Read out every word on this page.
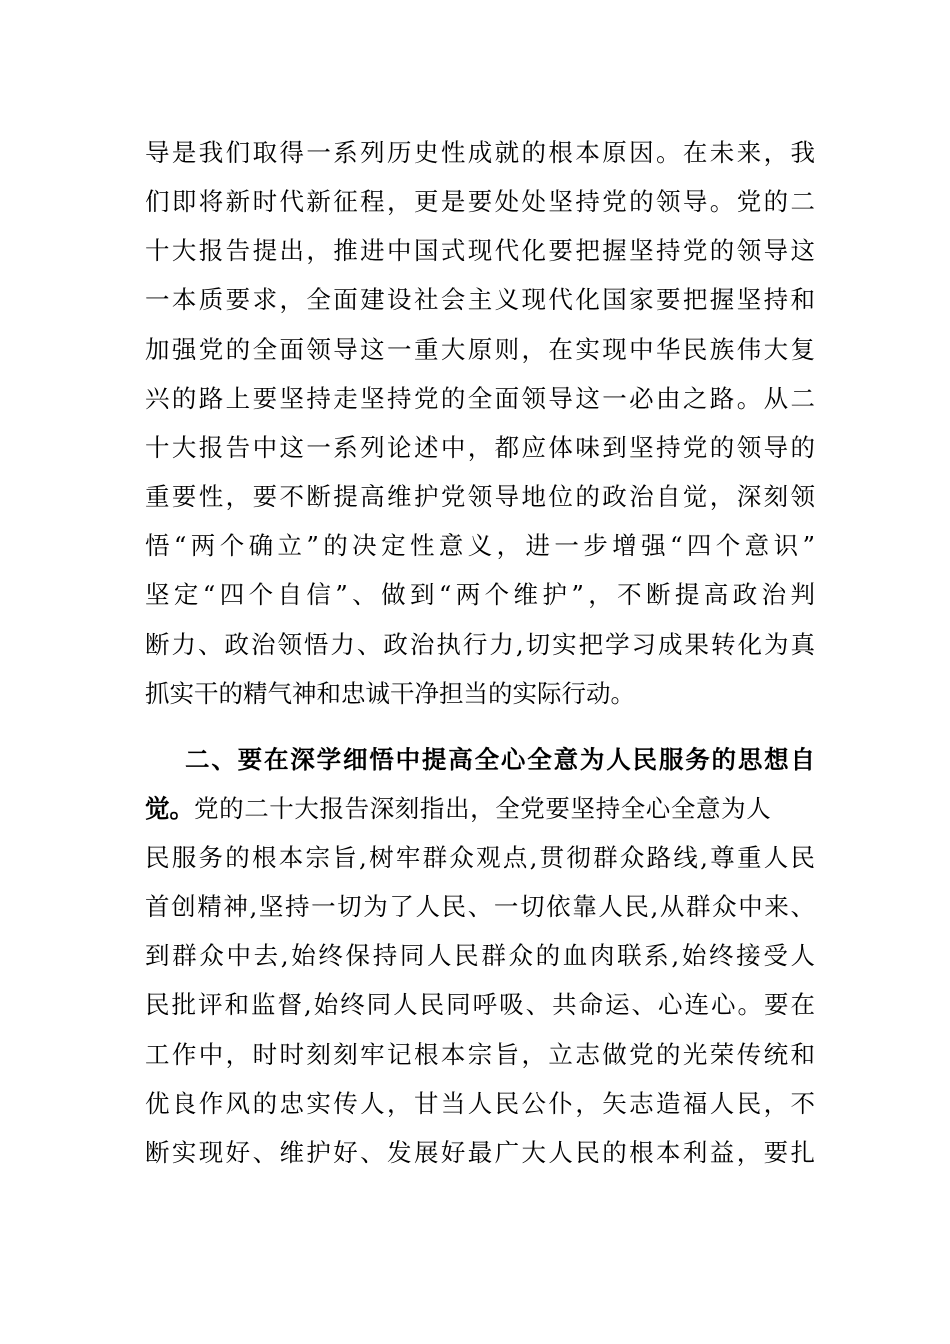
导是我们取得一系列历史性成就的根本原因。在未来，我
们即将新时代新征程，更是要处处坚持党的领导。党的二
十大报告提出，推进中国式现代化要把握坚持党的领导这
一本质要求，全面建设社会主义现代化国家要把握坚持和
加强党的全面领导这一重大原则，在实现中华民族伟大复
兴的路上要坚持走坚持党的全面领导这一必由之路。从二
十大报告中这一系列论述中，都应体味到坚持党的领导的
重要性，要不断提高维护党领导地位的政治自觉，深刻领
悟“两个确立”的决定性意义，进一步增强“四个意识”
坚定“四个自信”、做到“两个维护”，不断提高政治判
断力、政治领悟力、政治执行力,切实把学习成果转化为真
抓实干的精气神和忠诚干净担当的实际行动。
二、要在深学细悟中提高全心全意为人民服务的思想自
觉。党的二十大报告深刻指出，全党要坚持全心全意为人
民服务的根本宗旨,树牢群众观点,贯彻群众路线,尊重人民
首创精神,坚持一切为了人民、一切依靠人民,从群众中来、
到群众中去,始终保持同人民群众的血肉联系,始终接受人
民批评和监督,始终同人民同呼吸、共命运、心连心。要在
工作中，时时刻刻牢记根本宗旨，立志做党的光荣传统和
优良作风的忠实传人，甘当人民公仆，矢志造福人民，不
断实现好、维护好、发展好最广大人民的根本利益，要扎
